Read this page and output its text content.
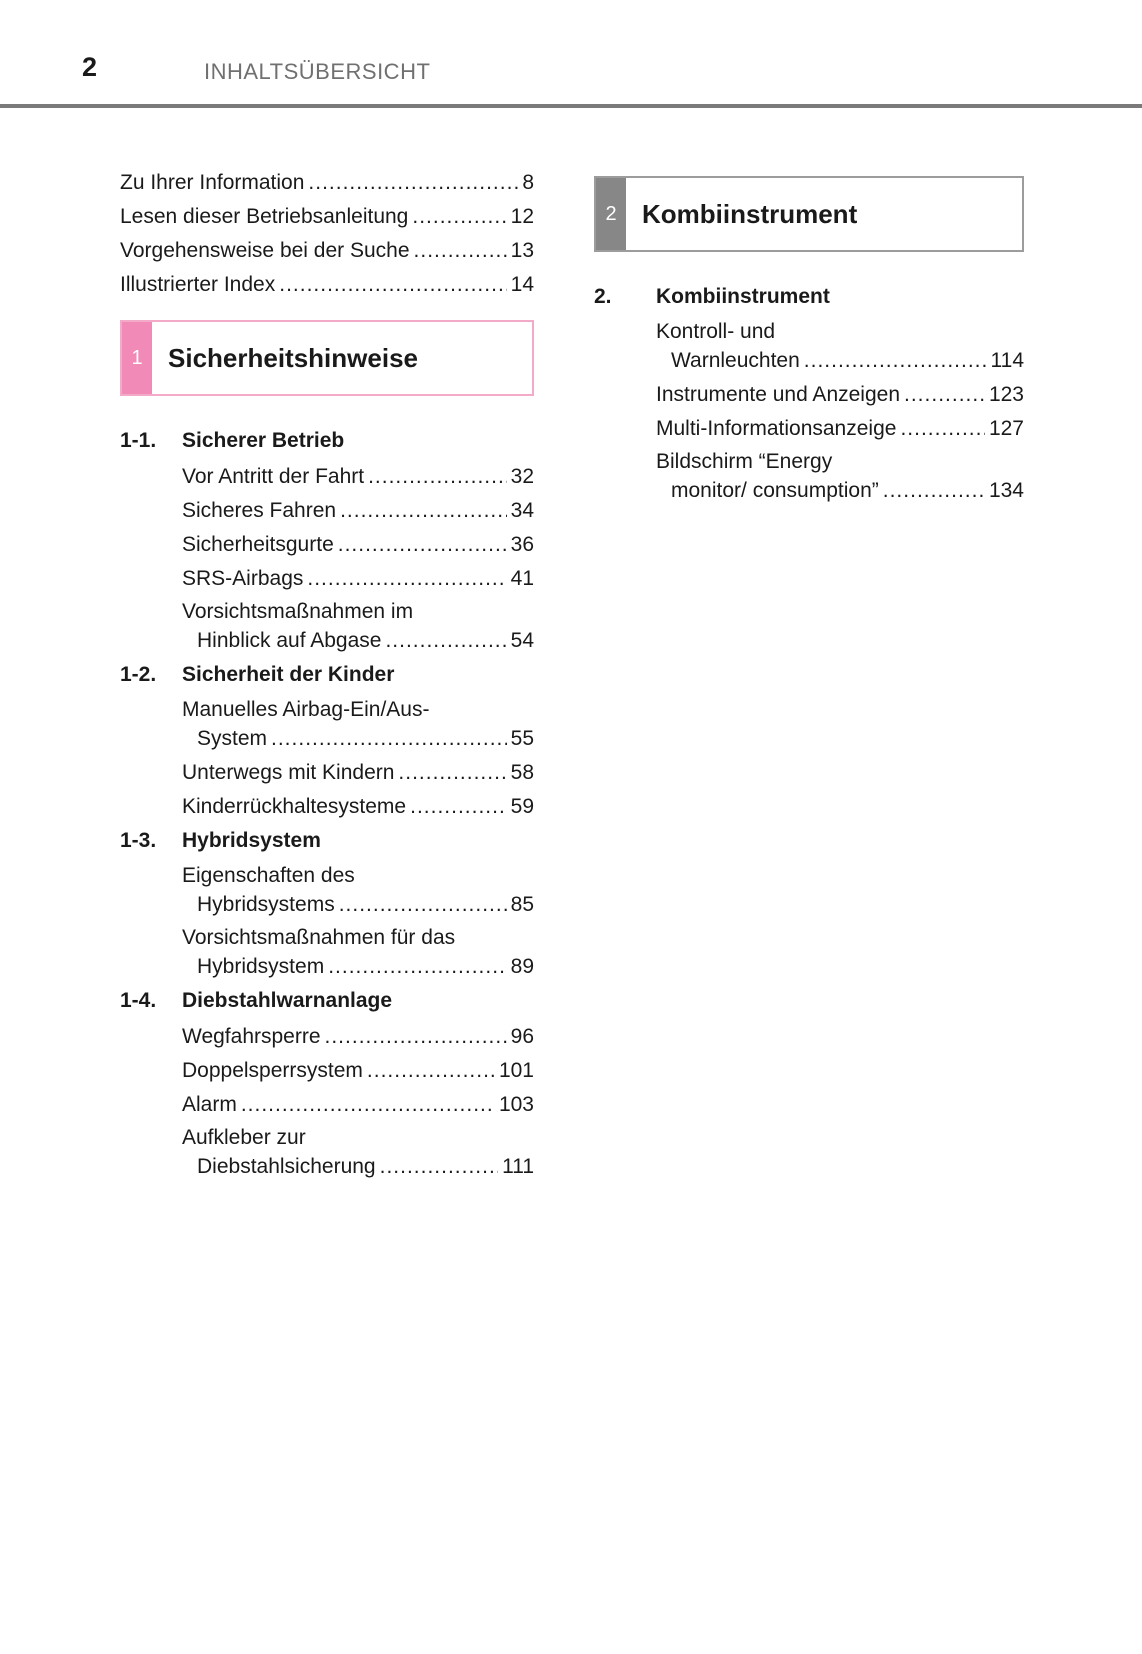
2	INHALTSÜBERSICHT
Zu Ihrer Information .....	8
Lesen dieser Betriebsanleitung .....	12
Vorgehensweise bei der Suche .....	13
Illustrierter Index .....	14
1 Sicherheitshinweise
1-1.	Sicherer Betrieb
Vor Antritt der Fahrt .....	32
Sicheres Fahren .....	34
Sicherheitsgurte .....	36
SRS-Airbags .....	41
Vorsichtsmaßnahmen im
Hinblick auf Abgase .....	54
1-2.	Sicherheit der Kinder
Manuelles Airbag-Ein/Aus-
System .....	55
Unterwegs mit Kindern .....	58
Kinderrückhaltesysteme .....	59
1-3.	Hybridsystem
Eigenschaften des
Hybridsystems .....	85
Vorsichtsmaßnahmen für das
Hybridsystem .....	89
1-4.	Diebstahlwarnanlage
Wegfahrsperre .....	96
Doppelsperrsystem .....	101
Alarm .....	103
Aufkleber zur
Diebstahlsicherung .....	111
2 Kombiinstrument
2.	Kombiinstrument
Kontroll- und
Warnleuchten .....	114
Instrumente und Anzeigen .....	123
Multi-Informationsanzeige .....	127
Bildschirm “Energy
monitor/ consumption” .....	134
